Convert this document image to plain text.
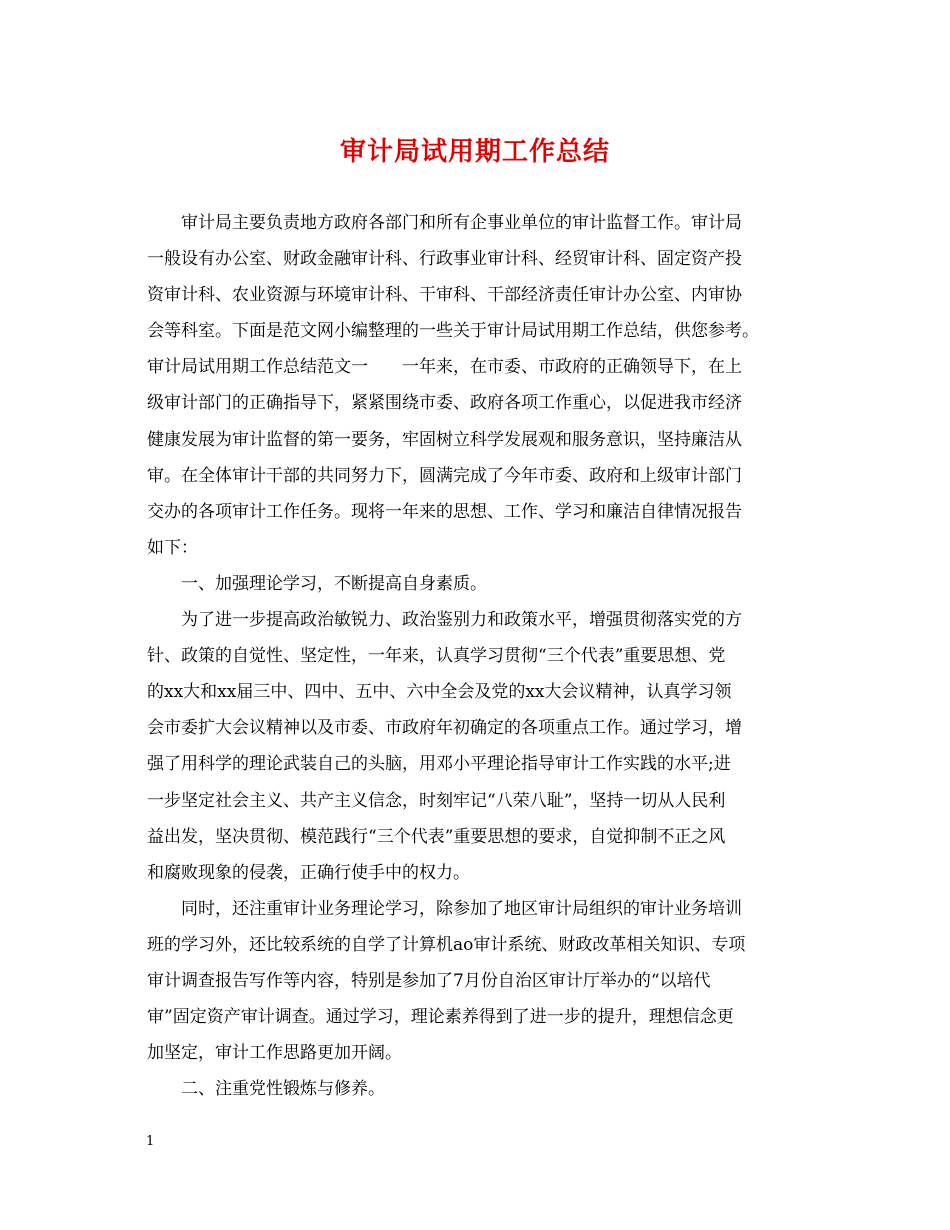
审计局试用期工作总结
　　审计局主要负责地方政府各部门和所有企事业单位的审计监督工作。审计局
一般设有办公室、财政金融审计科、行政事业审计科、经贸审计科、固定资产投
资审计科、农业资源与环境审计科、干审科、干部经济责任审计办公室、内审协
会等科室。下面是范文网小编整理的一些关于审计局试用期工作总结，供您参考。
审计局试用期工作总结范文一　　一年来，在市委、市政府的正确领导下，在上
级审计部门的正确指导下，紧紧围绕市委、政府各项工作重心，以促进我市经济
健康发展为审计监督的第一要务，牢固树立科学发展观和服务意识，坚持廉洁从
审。在全体审计干部的共同努力下，圆满完成了今年市委、政府和上级审计部门
交办的各项审计工作任务。现将一年来的思想、工作、学习和廉洁自律情况报告
如下：
　　一、加强理论学习，不断提高自身素质。
　　为了进一步提高政治敏锐力、政治鉴别力和政策水平，增强贯彻落实党的方
针、政策的自觉性、坚定性，一年来，认真学习贯彻“三个代表”重要思想、党
的xx大和xx届三中、四中、五中、六中全会及党的xx大会议精神，认真学习领
会市委扩大会议精神以及市委、市政府年初确定的各项重点工作。通过学习，增
强了用科学的理论武装自己的头脑，用邓小平理论指导审计工作实践的水平;进
一步坚定社会主义、共产主义信念，时刻牢记“八荣八耻”，坚持一切从人民利
益出发，坚决贯彻、模范践行“三个代表”重要思想的要求，自觉抑制不正之风
和腐败现象的侵袭，正确行使手中的权力。
　　同时，还注重审计业务理论学习，除参加了地区审计局组织的审计业务培训
班的学习外，还比较系统的自学了计算机ao审计系统、财政改革相关知识、专项
审计调查报告写作等内容，特别是参加了7月份自治区审计厅举办的“以培代
审”固定资产审计调查。通过学习，理论素养得到了进一步的提升，理想信念更
加坚定，审计工作思路更加开阔。
　　二、注重党性锻炼与修养。
1
